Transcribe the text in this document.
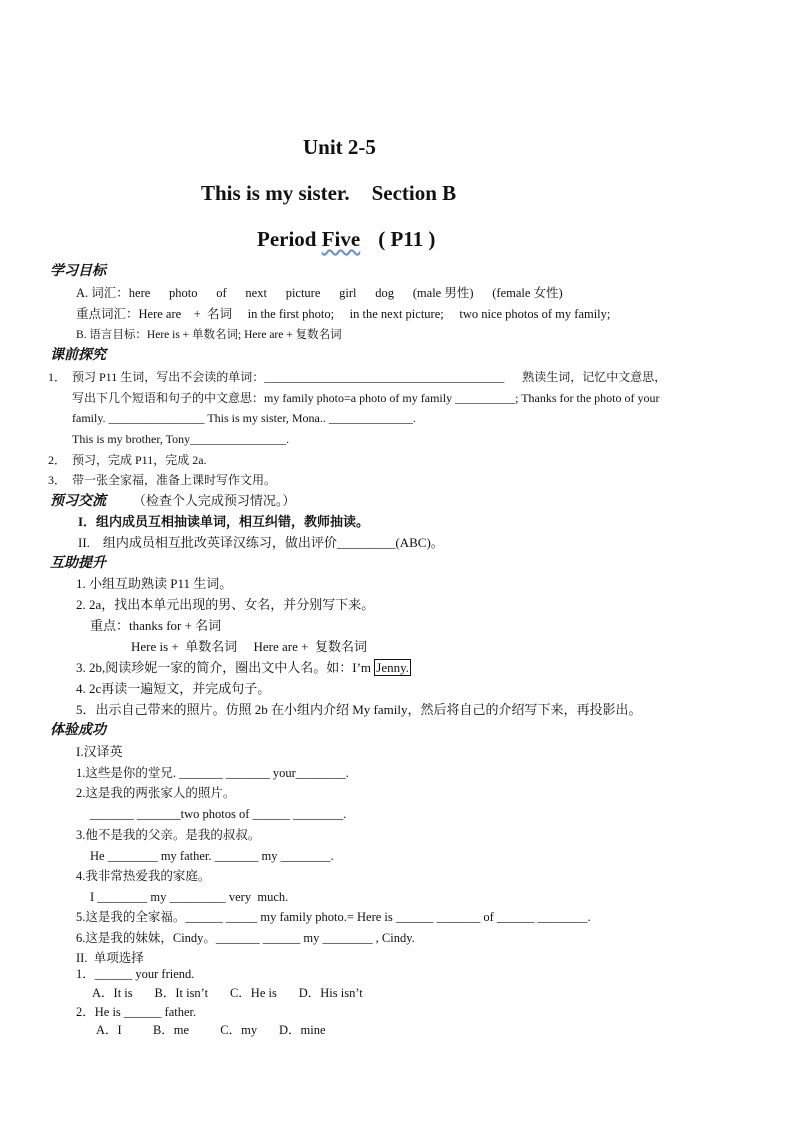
Unit 2-5
This is my sister. Section B
Period Five ( P11 )
学习目标
A. 词汇：here      photo      of      next      picture      girl      dog      (male 男性)      (female 女性)
重点词汇：Here are    +  名词     in the first photo;     in the next picture;     two nice photos of my family;
B. 语言目标：Here is + 单数名词; Here are + 复数名词
课前探究
1．  预习 P11 生词，写出不会读的单词：________________________________________      熟读生词，记忆中文意思，
写出下几个短语和句子的中文意思：my family photo=a photo of my family __________; Thanks for the photo of your
family. ________________ This is my sister, Mona.. ______________.
This is my brother, Tony________________.
2．  预习，完成 P11，完成 2a.
3．  带一张全家福，准备上课时写作文用。
预习交流 （检查个人完成预习情况。）
I．组内成员互相抽读单词，相互纠错，教师抽读。
II.    组内成员相互批改英译汉练习，做出评价_________(ABC)。
互助提升
1. 小组互助熟读 P11 生词。
2. 2a，找出本单元出现的男、女名，并分别写下来。
重点：thanks for + 名词
Here is +  单数名词     Here are +  复数名词
3. 2b,阅读珍妮一家的简介，圈出文中人名。如：I’m Jenny.
4. 2c再读一遍短文，并完成句子。
5．出示自己带来的照片。仿照 2b 在小组内介绍 My family，然后将自己的介绍写下来，再投影出。
体验成功
I.汉译英
1.这些是你的堂兄. _______ _______ your________.
2.这是我的两张家人的照片。
_______ _______two photos of ______ ________.
3.他不是我的父亲。是我的叔叔。
He ________ my father. _______ my ________.
4.我非常热爱我的家庭。
I ________ my _________ very  much.
5.这是我的全家福。______ _____ my family photo.= Here is ______ _______ of ______ ________.
6.这是我的妹妹，Cindy。_______ ______ my ________ , Cindy.
II.  单项选择
1．______ your friend.
A．It is       B．It isn’t       C．He is       D．His isn’t
2．He is ______ father.
A．I          B．me          C．my       D．mine
